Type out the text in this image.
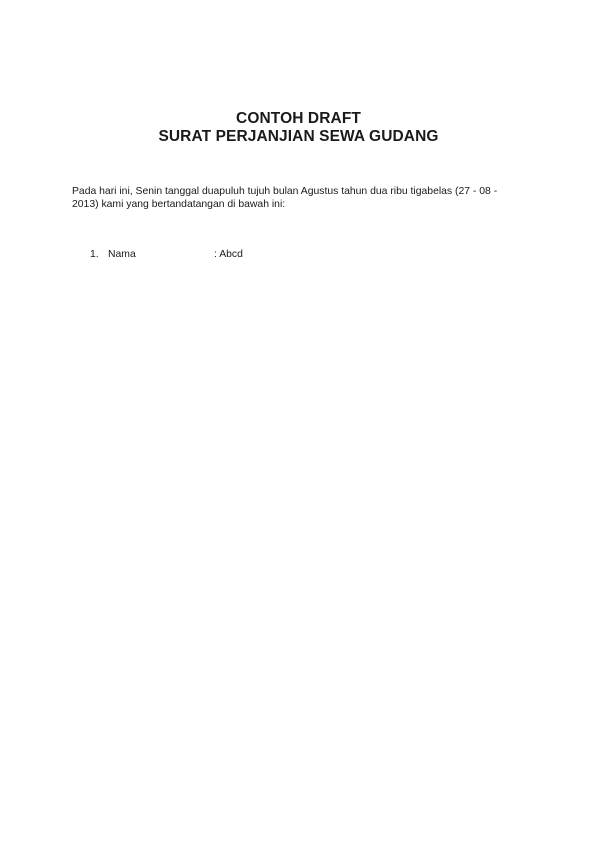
CONTOH DRAFT
SURAT PERJANJIAN SEWA GUDANG
Pada hari ini, Senin tanggal duapuluh tujuh bulan Agustus tahun dua ribu tigabelas (27 - 08 -
2013) kami yang bertandatangan di bawah ini:
1. Nama	: Abcd
